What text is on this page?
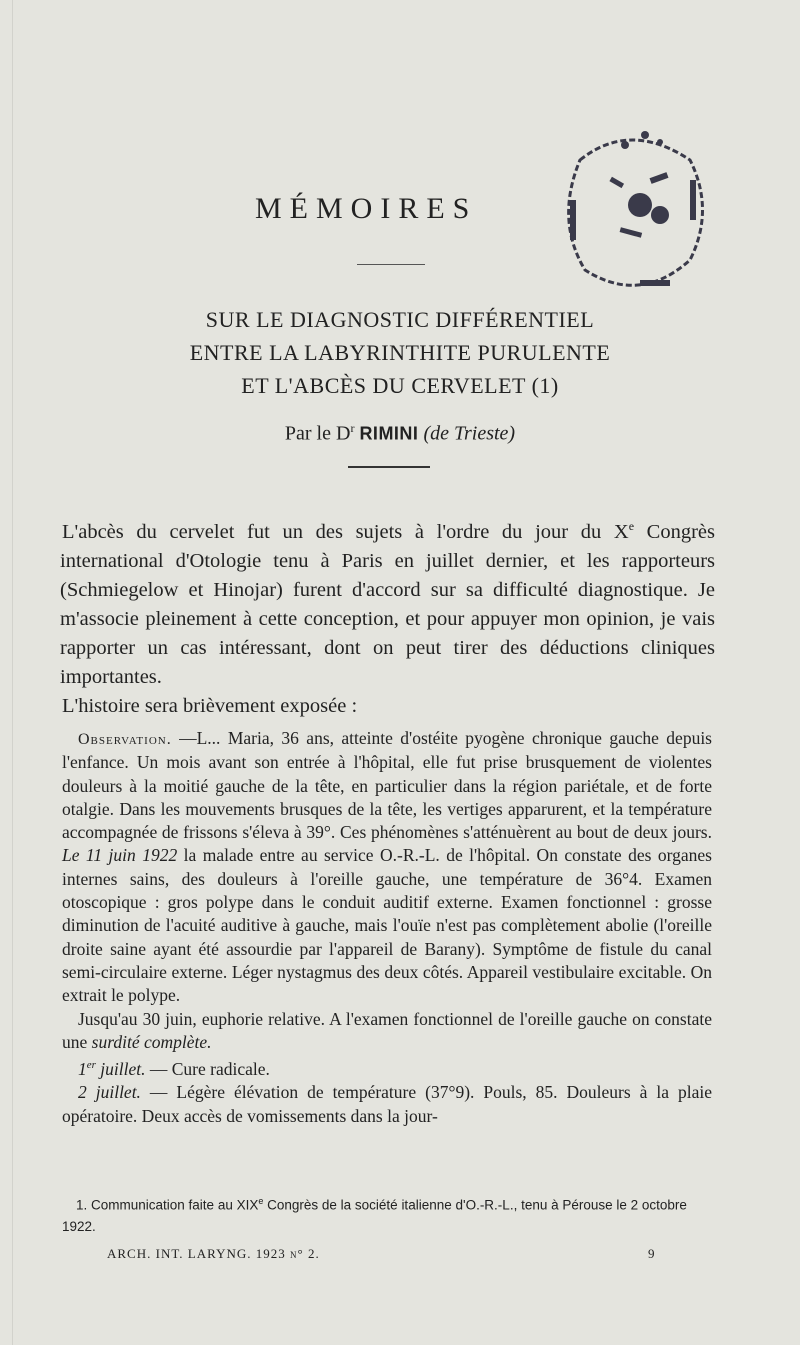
MÉMOIRES
SUR LE DIAGNOSTIC DIFFÉRENTIEL
ENTRE LA LABYRINTHITE PURULENTE
ET L'ABCÈS DU CERVELET (1)
Par le $D^r$ RIMINI (de Trieste)

L'abcès du cervelet fut un des sujets à l'ordre du jour du Xe Congrès international d'Otologie tenu à Paris en juillet dernier, et les rapporteurs (Schmiegelow et Hinojar) furent d'accord sur sa difficulté diagnostique. Je m'associe pleinement à cette conception, et pour appuyer mon opinion, je vais rapporter un cas intéressant, dont on peut tirer des déductions cliniques importantes.

L'histoire sera brièvement exposée :

Observation. —L... Maria, 36 ans, atteinte d'ostéite pyogène chronique gauche depuis l'enfance. Un mois avant son entrée à l'hôpital, elle fut prise brusquement de violentes douleurs à la moitié gauche de la tête, en particulier dans la région pariétale, et de forte otalgie. Dans les mouvements brusques de la tête, les vertiges apparurent, et la température accompagnée de frissons s'éleva à 39°. Ces phénomènes s'atténuèrent au bout de deux jours. Le 11 juin 1922 la malade entre au service O.-R.-L. de l'hôpital. On constate des organes internes sains, des douleurs à l'oreille gauche, une température de 36°4. Examen otoscopique : gros polype dans le conduit auditif externe. Examen fonctionnel : grosse diminution de l'acuité auditive à gauche, mais l'ouïe n'est pas complètement abolie (l'oreille droite saine ayant été assourdie par l'appareil de Barany). Symptôme de fistule du canal semi-circulaire externe. Léger nystagmus des deux côtés. Appareil vestibulaire excitable. On extrait le polype.

Jusqu'au 30 juin, euphorie relative. A l'examen fonctionnel de l'oreille gauche on constate une surdité complète.

1er juillet. — Cure radicale.

2 juillet. — Légère élévation de température (37°9). Pouls, 85. Douleurs à la plaie opératoire. Deux accès de vomissements dans la jour-

1. Communication faite au XIXe Congrès de la société italienne d'O.-R.-L., tenu à Pérouse le 2 octobre 1922.

ARCH. INT. LARYNG. 1923 n° 2.	9
